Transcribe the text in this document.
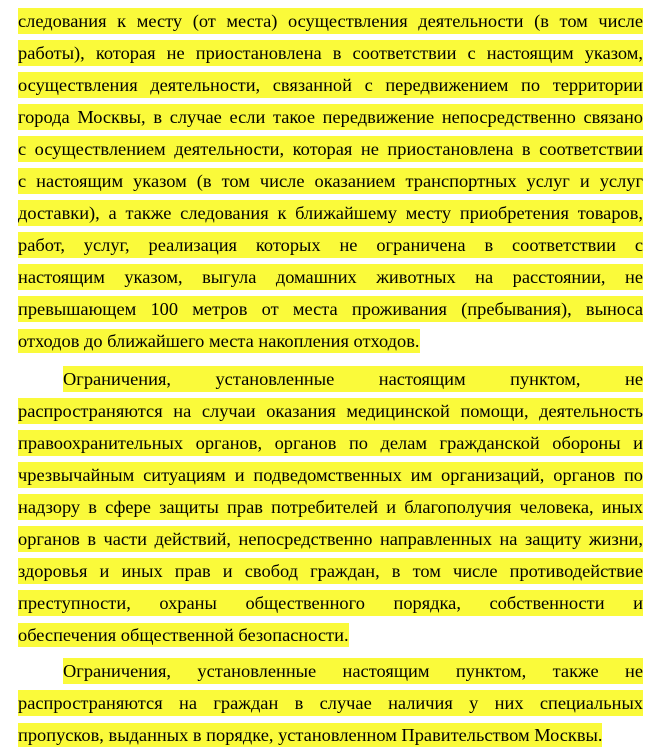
следования к месту (от места) осуществления деятельности (в том числе
работы), которая не приостановлена в соответствии с настоящим указом,
осуществления деятельности, связанной с передвижением по территории
города Москвы, в случае если такое передвижение непосредственно связано
с осуществлением деятельности, которая не приостановлена в соответствии
с настоящим указом (в том числе оказанием транспортных услуг и услуг
доставки), а также следования к ближайшему месту приобретения товаров,
работ, услуг, реализация которых не ограничена в соответствии с
настоящим указом, выгула домашних животных на расстоянии, не
превышающем 100 метров от места проживания (пребывания), выноса
отходов до ближайшего места накопления отходов.
Ограничения, установленные настоящим пунктом, не
распространяются на случаи оказания медицинской помощи, деятельность
правоохранительных органов, органов по делам гражданской обороны и
чрезвычайным ситуациям и подведомственных им организаций, органов по
надзору в сфере защиты прав потребителей и благополучия человека, иных
органов в части действий, непосредственно направленных на защиту жизни,
здоровья и иных прав и свобод граждан, в том числе противодействие
преступности, охраны общественного порядка, собственности и
обеспечения общественной безопасности.
Ограничения, установленные настоящим пунктом, также не
распространяются на граждан в случае наличия у них специальных
пропусков, выданных в порядке, установленном Правительством Москвы.
